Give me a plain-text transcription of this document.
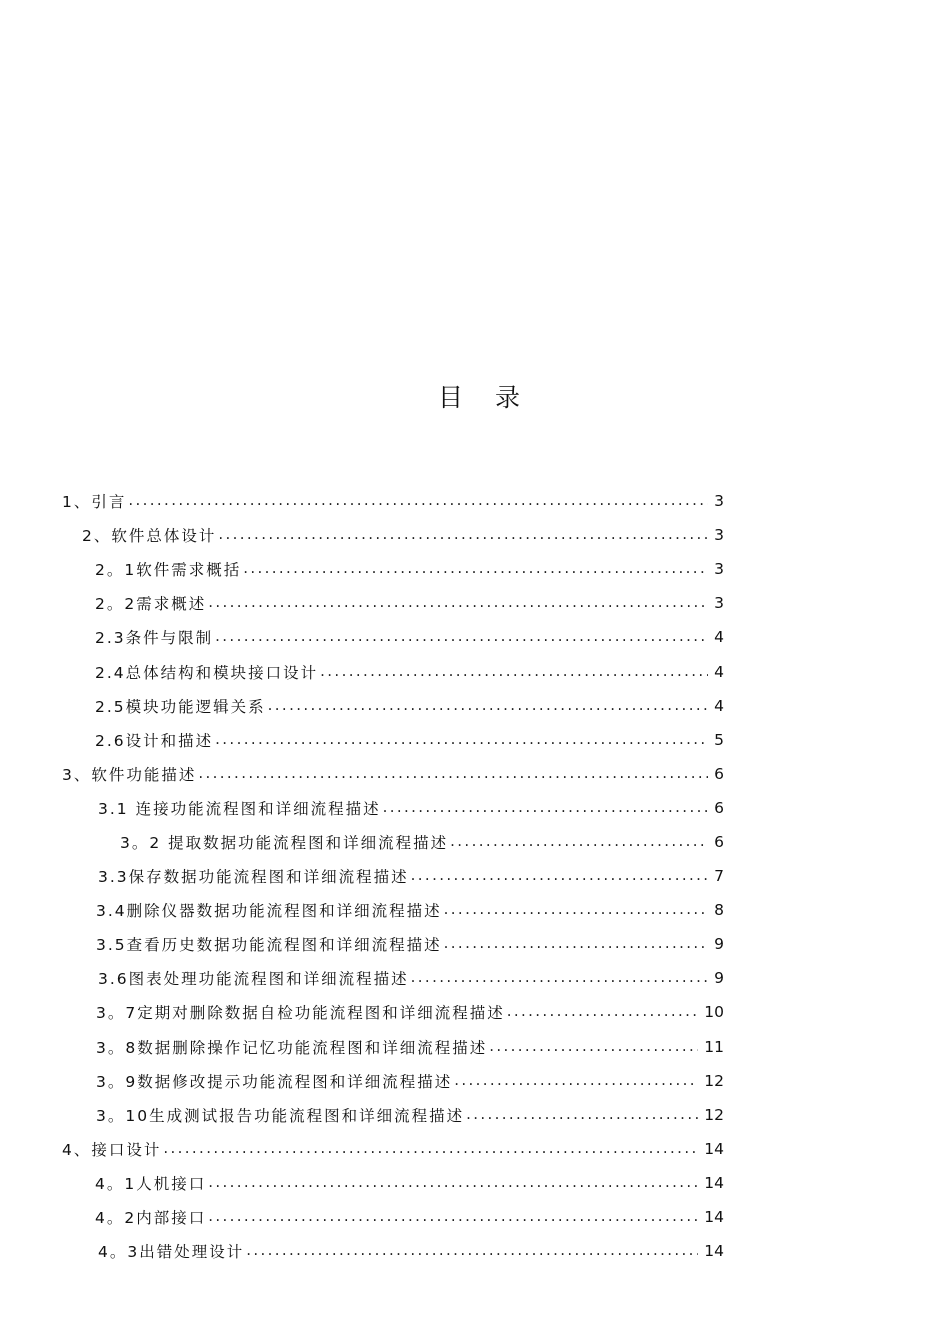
目 录
1、引言 . . .	3
2、软件总体设计 . . .	3
2。1软件需求概括 . . .	3
2。2需求概述 . . .	3
2.3条件与限制 . . .	4
2.4总体结构和模块接口设计 . . .	4
2.5模块功能逻辑关系 . . .	4
2.6设计和描述 . . .	5
3、软件功能描述 . . .	6
3.1 连接功能流程图和详细流程描述 . . .	6
3。2 提取数据功能流程图和详细流程描述 . . .	6
3.3保存数据功能流程图和详细流程描述 . . .	7
3.4删除仪器数据功能流程图和详细流程描述 . . .	8
3.5查看历史数据功能流程图和详细流程描述 . . .	9
3.6图表处理功能流程图和详细流程描述 . . .	9
3。7定期对删除数据自检功能流程图和详细流程描述 . . .	10
3。8数据删除操作记忆功能流程图和详细流程描述 . . .	11
3。9数据修改提示功能流程图和详细流程描述 . . .	12
3。10生成测试报告功能流程图和详细流程描述 . . .	12
4、接口设计 . . .	14
4。1人机接口 . . .	14
4。2内部接口 . . .	14
4。3出错处理设计 . . .	14
